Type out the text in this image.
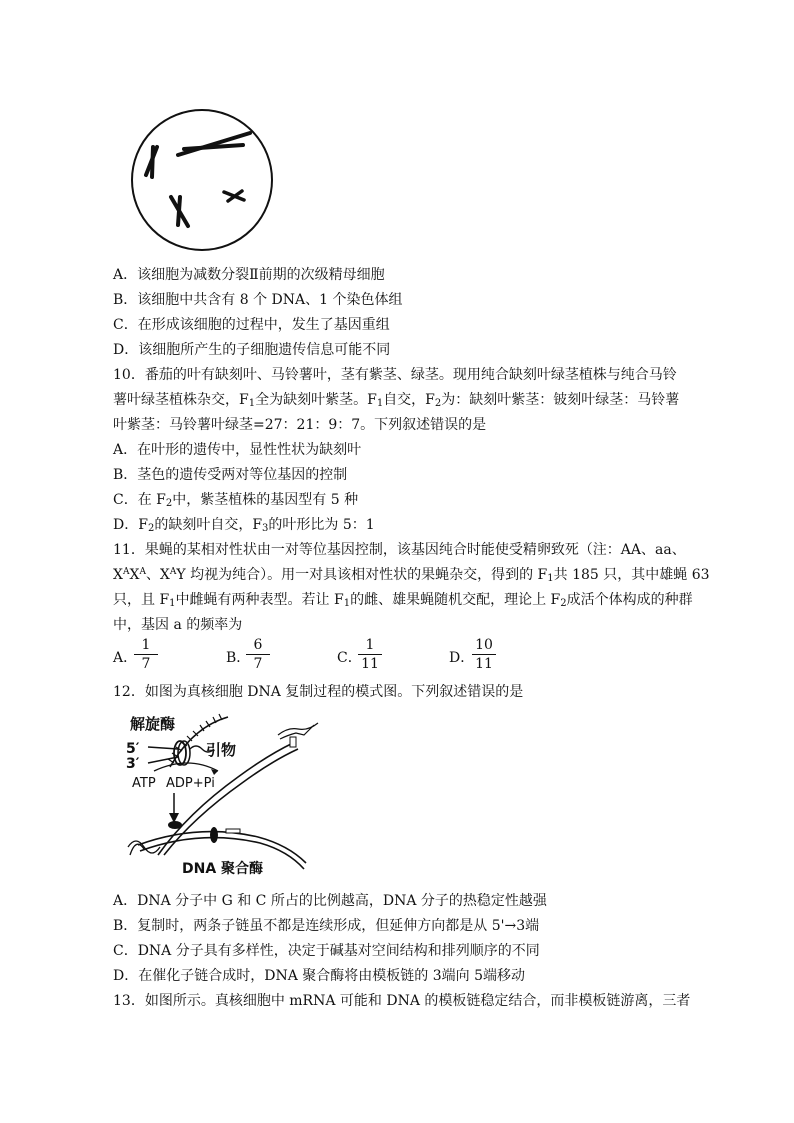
A．该细胞为减数分裂Ⅱ前期的次级精母细胞
B．该细胞中共含有 8 个 DNA、1 个染色体组
C．在形成该细胞的过程中，发生了基因重组
D．该细胞所产生的子细胞遗传信息可能不同
10．番茄的叶有缺刻叶、马铃薯叶，茎有紫茎、绿茎。现用纯合缺刻叶绿茎植株与纯合马铃
薯叶绿茎植株杂交，$F_1$全为缺刻叶紫茎。$F_1$自交，$F_2$为：缺刻叶紫茎：铍刻叶绿茎：马铃薯
叶紫茎：马铃薯叶绿茎=27：21：9：7。下列叙述错误的是
A．在叶形的遗传中，显性性状为缺刻叶
B．茎色的遗传受两对等位基因的控制
C．在 $F_2$中，紫茎植株的基因型有 5 种
D．$F_2$的缺刻叶自交，$F_3$的叶形比为 5：1
11．果蝇的某相对性状由一对等位基因控制，该基因纯合时能使受精卵致死（注：AA、aa、
$X^AX^A$、$X^AY$ 均视为纯合）。用一对具该相对性状的果蝇杂交，得到的 $F_1$共 185 只，其中雄蝇 63
只，且 $F_1$中雌蝇有两种表型。若让 $F_1$的雌、雄果蝇随机交配，理论上 $F_2$成活个体构成的种群
中，基因 a 的频率为
A．
1
7	B．
6
7	C．
1
11	D．
10
11
12．如图为真核细胞 DNA 复制过程的模式图。下列叙述错误的是
解旋酶
5′
3′
引物
ATP ADP+Pi
DNA 聚合酶
A．DNA 分子中 G 和 C 所占的比例越高，DNA 分子的热稳定性越强
B．复制时，两条子链虽不都是连续形成，但延伸方向都是从 5'→3端
C．DNA 分子具有多样性，决定于碱基对空间结构和排列顺序的不同
D．在催化子链合成时，DNA 聚合酶将由模板链的 3端向 5端移动
13．如图所示。真核细胞中 mRNA 可能和 DNA 的模板链稳定结合，而非模板链游离，三者
